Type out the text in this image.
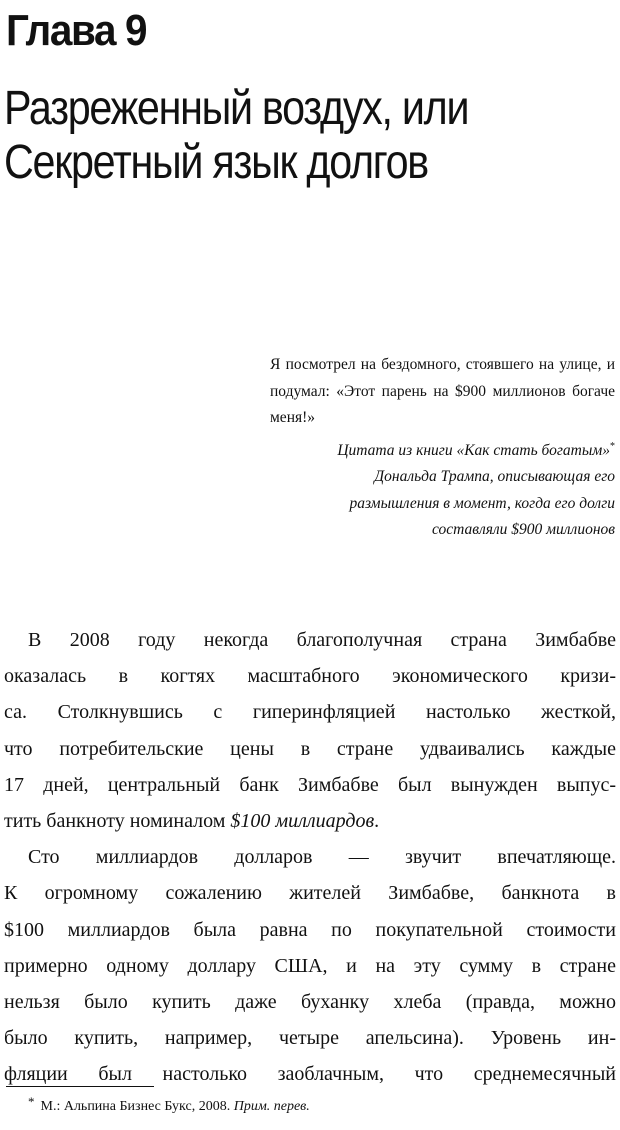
Глава 9
Разреженный воздух, или
Секретный язык долгов

Я посмотрел на бездомного, стоявшего на улице, и подумал: «Этот парень на $900 миллионов богаче меня!»

Цитата из книги «Как стать богатым»*
Дональда Трампа, описывающая его
размышления в момент, когда его долги
составляли $900 миллионов

В 2008 году некогда благополучная страна Зимбабве
оказалась в когтях масштабного экономического кризи-
са. Столкнувшись с гиперинфляцией настолько жесткой,
что потребительские цены в стране удваивались каждые
17 дней, центральный банк Зимбабве был вынужден выпус-
тить банкноту номиналом $100 миллиардов.

Сто миллиардов долларов — звучит впечатляюще.
К огромному сожалению жителей Зимбабве, банкнота в
$100 миллиардов была равна по покупательной стоимости
примерно одному доллару США, и на эту сумму в стране
нельзя было купить даже буханку хлеба (правда, можно
было купить, например, четыре апельсина). Уровень ин-
фляции был настолько заоблачным, что среднемесячный

* М.: Альпина Бизнес Букс, 2008. Прим. перев.
